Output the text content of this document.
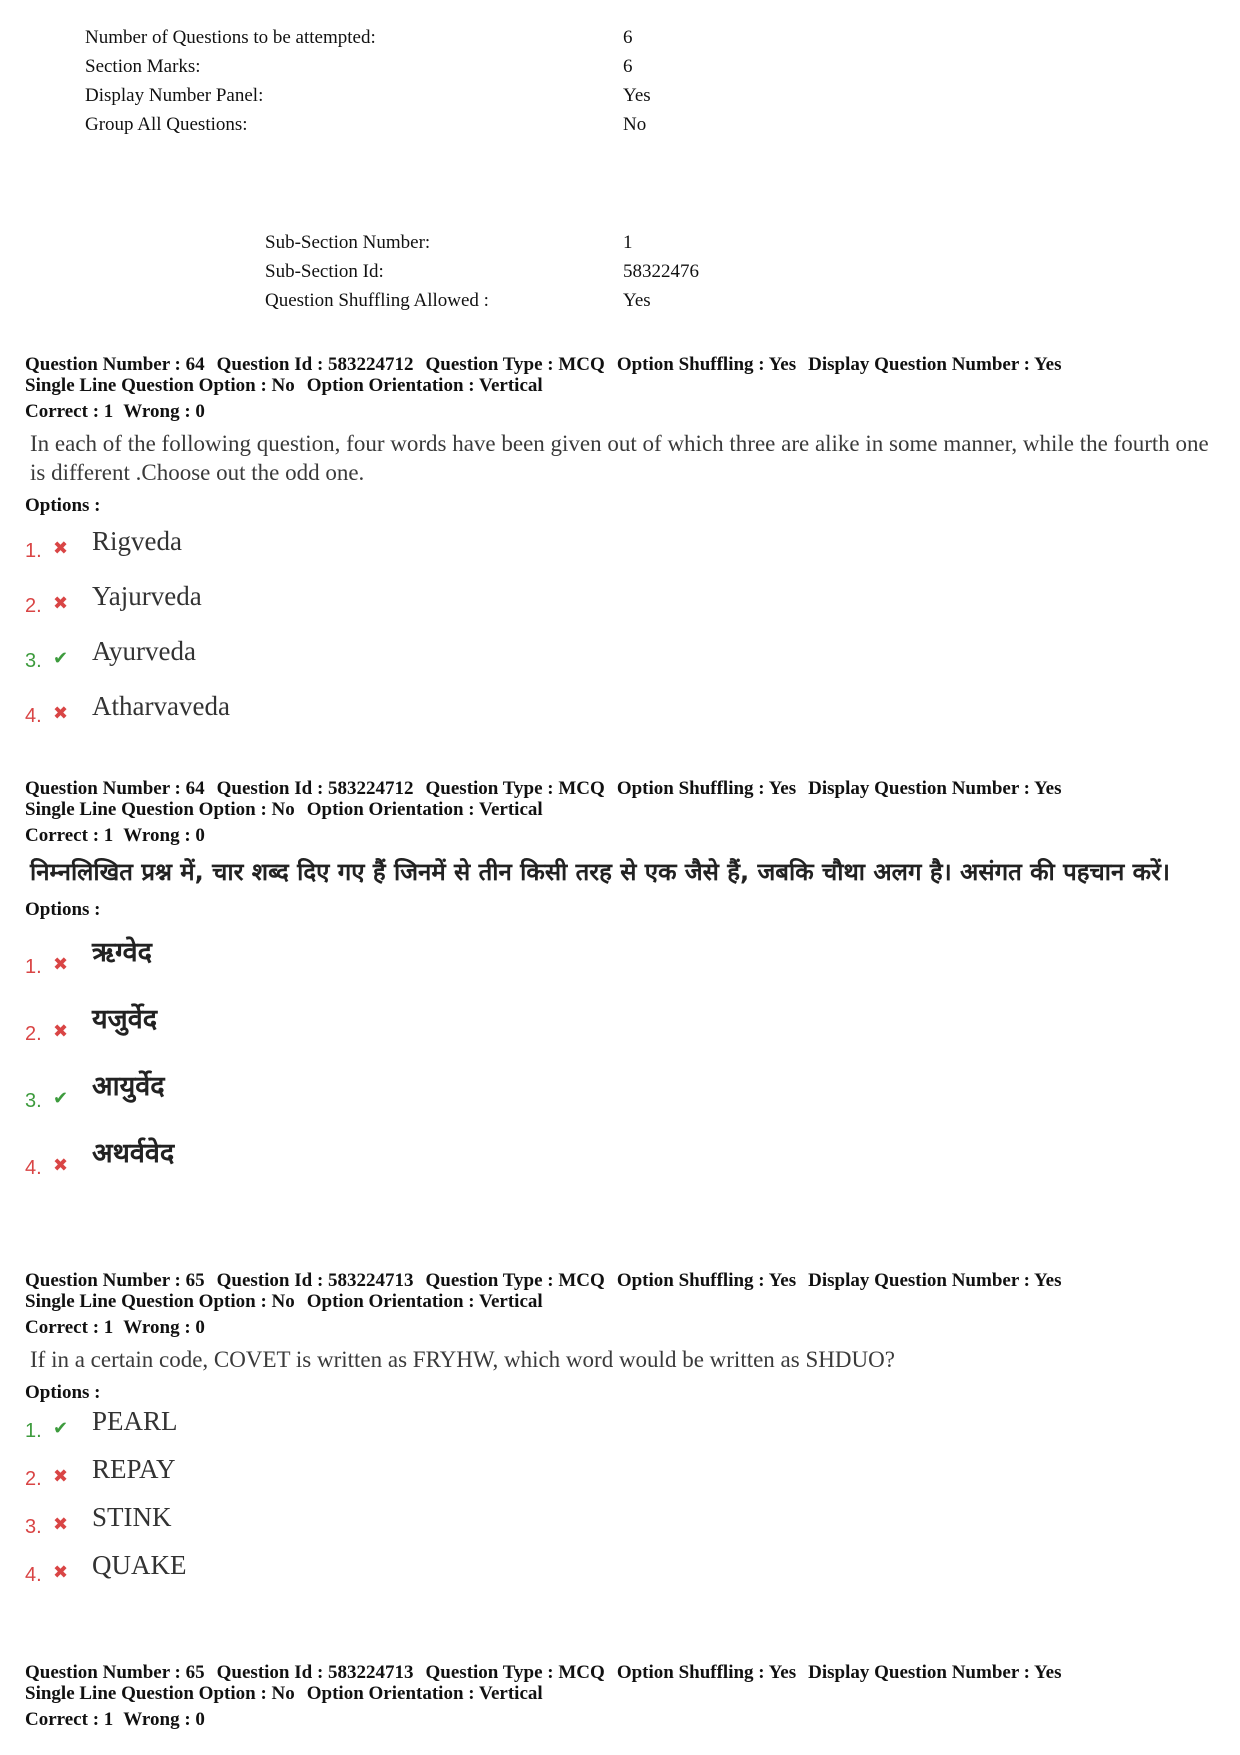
Number of Questions to be attempted:	6
Section Marks:	6
Display Number Panel:	Yes
Group All Questions:	No
Sub-Section Number:	1
Sub-Section Id:	58322476
Question Shuffling Allowed :	Yes
Question Number : 64 Question Id : 583224712 Question Type : MCQ Option Shuffling : Yes Display Question Number : Yes
Single Line Question Option : No Option Orientation : Vertical
Correct : 1 Wrong : 0
In each of the following question, four words have been given out of which three are alike in some manner, while the fourth one is different .Choose out the odd one.
Options :
1. ✖ Rigveda
2. ✖ Yajurveda
3. ✔ Ayurveda
4. ✖ Atharvaveda
Question Number : 64 Question Id : 583224712 Question Type : MCQ Option Shuffling : Yes Display Question Number : Yes
Single Line Question Option : No Option Orientation : Vertical
Correct : 1 Wrong : 0
निम्नलिखित प्रश्न में, चार शब्द दिए गए हैं जिनमें से तीन किसी तरह से एक जैसे हैं, जबकि चौथा अलग है। असंगत की पहचान करें।
Options :
1. ✖ ऋग्वेद
2. ✖ यजुर्वेद
3. ✔ आयुर्वेद
4. ✖ अथर्ववेद
Question Number : 65 Question Id : 583224713 Question Type : MCQ Option Shuffling : Yes Display Question Number : Yes
Single Line Question Option : No Option Orientation : Vertical
Correct : 1 Wrong : 0
If in a certain code, COVET is written as FRYHW, which word would be written as SHDUO?
Options :
1. ✔ PEARL
2. ✖ REPAY
3. ✖ STINK
4. ✖ QUAKE
Question Number : 65 Question Id : 583224713 Question Type : MCQ Option Shuffling : Yes Display Question Number : Yes
Single Line Question Option : No Option Orientation : Vertical
Correct : 1 Wrong : 0
